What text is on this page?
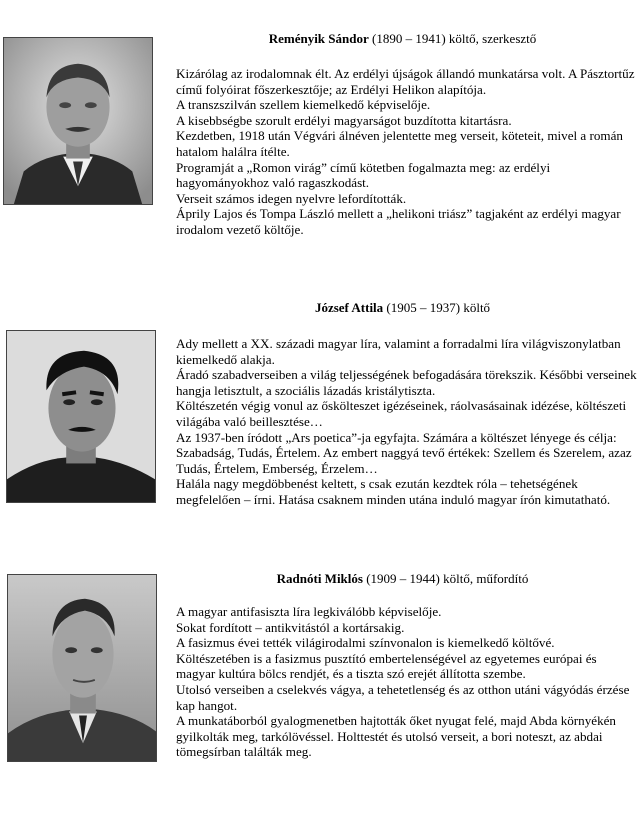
Reményik Sándor (1890 – 1941) költő, szerkesztő

Kizárólag az irodalomnak élt. Az erdélyi újságok állandó munkatársa volt. A Pásztortűz című folyóirat főszerkesztője; az Erdélyi Helikon alapítója.

A transzszilván szellem kiemelkedő képviselője.

A kisebbségbe szorult erdélyi magyarságot buzdította kitartásra.

Kezdetben, 1918 után Végvári álnéven jelentette meg verseit, köteteit, mivel a román hatalom halálra ítélte.

Programját a „Romon virág” című kötetben fogalmazta meg: az erdélyi hagyományokhoz való ragaszkodást.

Verseit számos idegen nyelvre lefordították.

Áprily Lajos és Tompa László mellett a „helikoni triász” tagjaként az erdélyi magyar irodalom vezető költője.

József Attila (1905 – 1937) költő

Ady mellett a XX. századi magyar líra, valamint a forradalmi líra világviszonylatban kiemelkedő alakja.

Áradó szabadverseiben a világ teljességének befogadására törekszik. Későbbi verseinek hangja letisztult, a szociális lázadás kristálytiszta.

Költészetén végig vonul az őskölteszet igézéseinek, ráolvasásainak idézése, költészeti világába való beillesztése…

Az 1937-ben íródott „Ars poetica”-ja egyfajta. Számára a költészet lényege és célja: Szabadság, Tudás, Értelem. Az embert naggyá tevő értékek: Szellem és Szerelem, azaz Tudás, Értelem, Emberség, Érzelem…

Halála nagy megdöbbenést keltett, s csak ezután kezdtek róla – tehetségének megfelelően – írni. Hatása csaknem minden utána induló magyar írón kimutatható.

Radnóti Miklós (1909 – 1944) költő, műfordító

A magyar antifasiszta líra legkiválóbb képviselője.

Sokat fordított – antikvitástól a kortársakig.

A fasizmus évei tették világirodalmi színvonalon is kiemelkedő költővé.

Költészetében is a fasizmus pusztító embertelenségével az egyetemes európai és magyar kultúra bölcs rendjét, és a tiszta szó erejét állította szembe.

Utolsó verseiben a cselekvés vágya, a tehetetlenség és az otthon utáni vágyódás érzése kap hangot.

A munkatáborból gyalogmenetben hajtották őket nyugat felé, majd Abda környékén gyilkolták meg, tarkólövéssel. Holttestét és utolsó verseit, a bori noteszt, az abdai tömegsírban találták meg.
